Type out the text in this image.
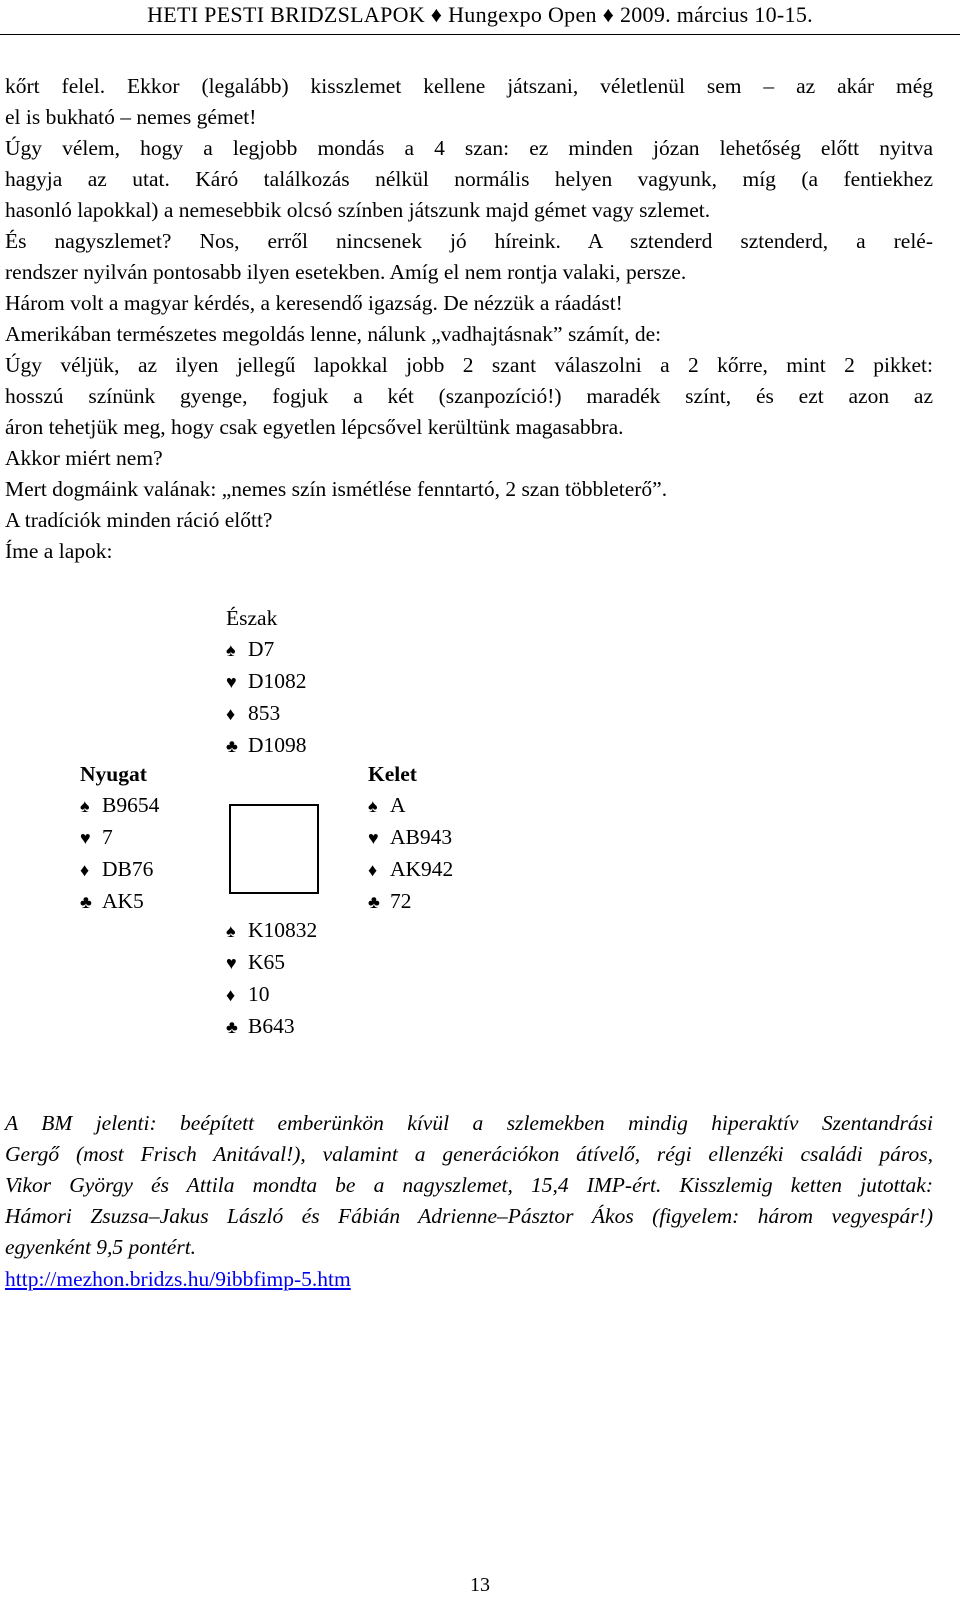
HETI PESTI BRIDZSLAPOK ♦ Hungexpo Open ♦ 2009. március 10-15.
kőrt felel. Ekkor (legalább) kisszlemet kellene játszani, véletlenül sem – az akár még
el is bukható – nemes gémet!
Úgy vélem, hogy a legjobb mondás a 4 szan: ez minden józan lehetőség előtt nyitva
hagyja az utat. Káró találkozás nélkül normális helyen vagyunk, míg (a fentiekhez
hasonló lapokkal) a nemesebbik olcsó színben játszunk majd gémet vagy szlemet.
És nagyszlemet? Nos, erről nincsenek jó híreink. A sztenderd sztenderd, a relé-
rendszer nyilván pontosabb ilyen esetekben. Amíg el nem rontja valaki, persze.
Három volt a magyar kérdés, a keresendő igazság. De nézzük a ráadást!
Amerikában természetes megoldás lenne, nálunk „vadhajtásnak” számít, de:
Úgy véljük, az ilyen jellegű lapokkal jobb 2 szant válaszolni a 2 kőrre, mint 2 pikket:
hosszú színünk gyenge, fogjuk a két (szanpozíció!) maradék színt, és ezt azon az
áron tehetjük meg, hogy csak egyetlen lépcsővel kerültünk magasabbra.
Akkor miért nem?
Mert dogmáink valának: „nemes szín ismétlése fenntartó, 2 szan többleterő”.
A tradíciók minden ráció előtt?
Íme a lapok:
Észak
♠ D7
♥ D1082
♦ 853
♣ D1098
Nyugat
♠ B9654
♥ 7
♦ DB76
♣ AK5
Kelet
♠ A
♥ AB943
♦ AK942
♣ 72
♠ K10832
♥ K65
♦ 10
♣ B643
A BM jelenti: beépített emberünkön kívül a szlemekben mindig hiperaktív Szentandrási
Gergő (most Frisch Anitával!), valamint a generációkon átívelő, régi ellenzéki családi páros,
Vikor György és Attila mondta be a nagyszlemet, 15,4 IMP-ért. Kisszlemig ketten jutottak:
Hámori Zsuzsa–Jakus László és Fábián Adrienne–Pásztor Ákos (figyelem: három vegyespár!)
egyenként 9,5 pontért.
http://mezhon.bridzs.hu/9ibbfimp-5.htm
13
